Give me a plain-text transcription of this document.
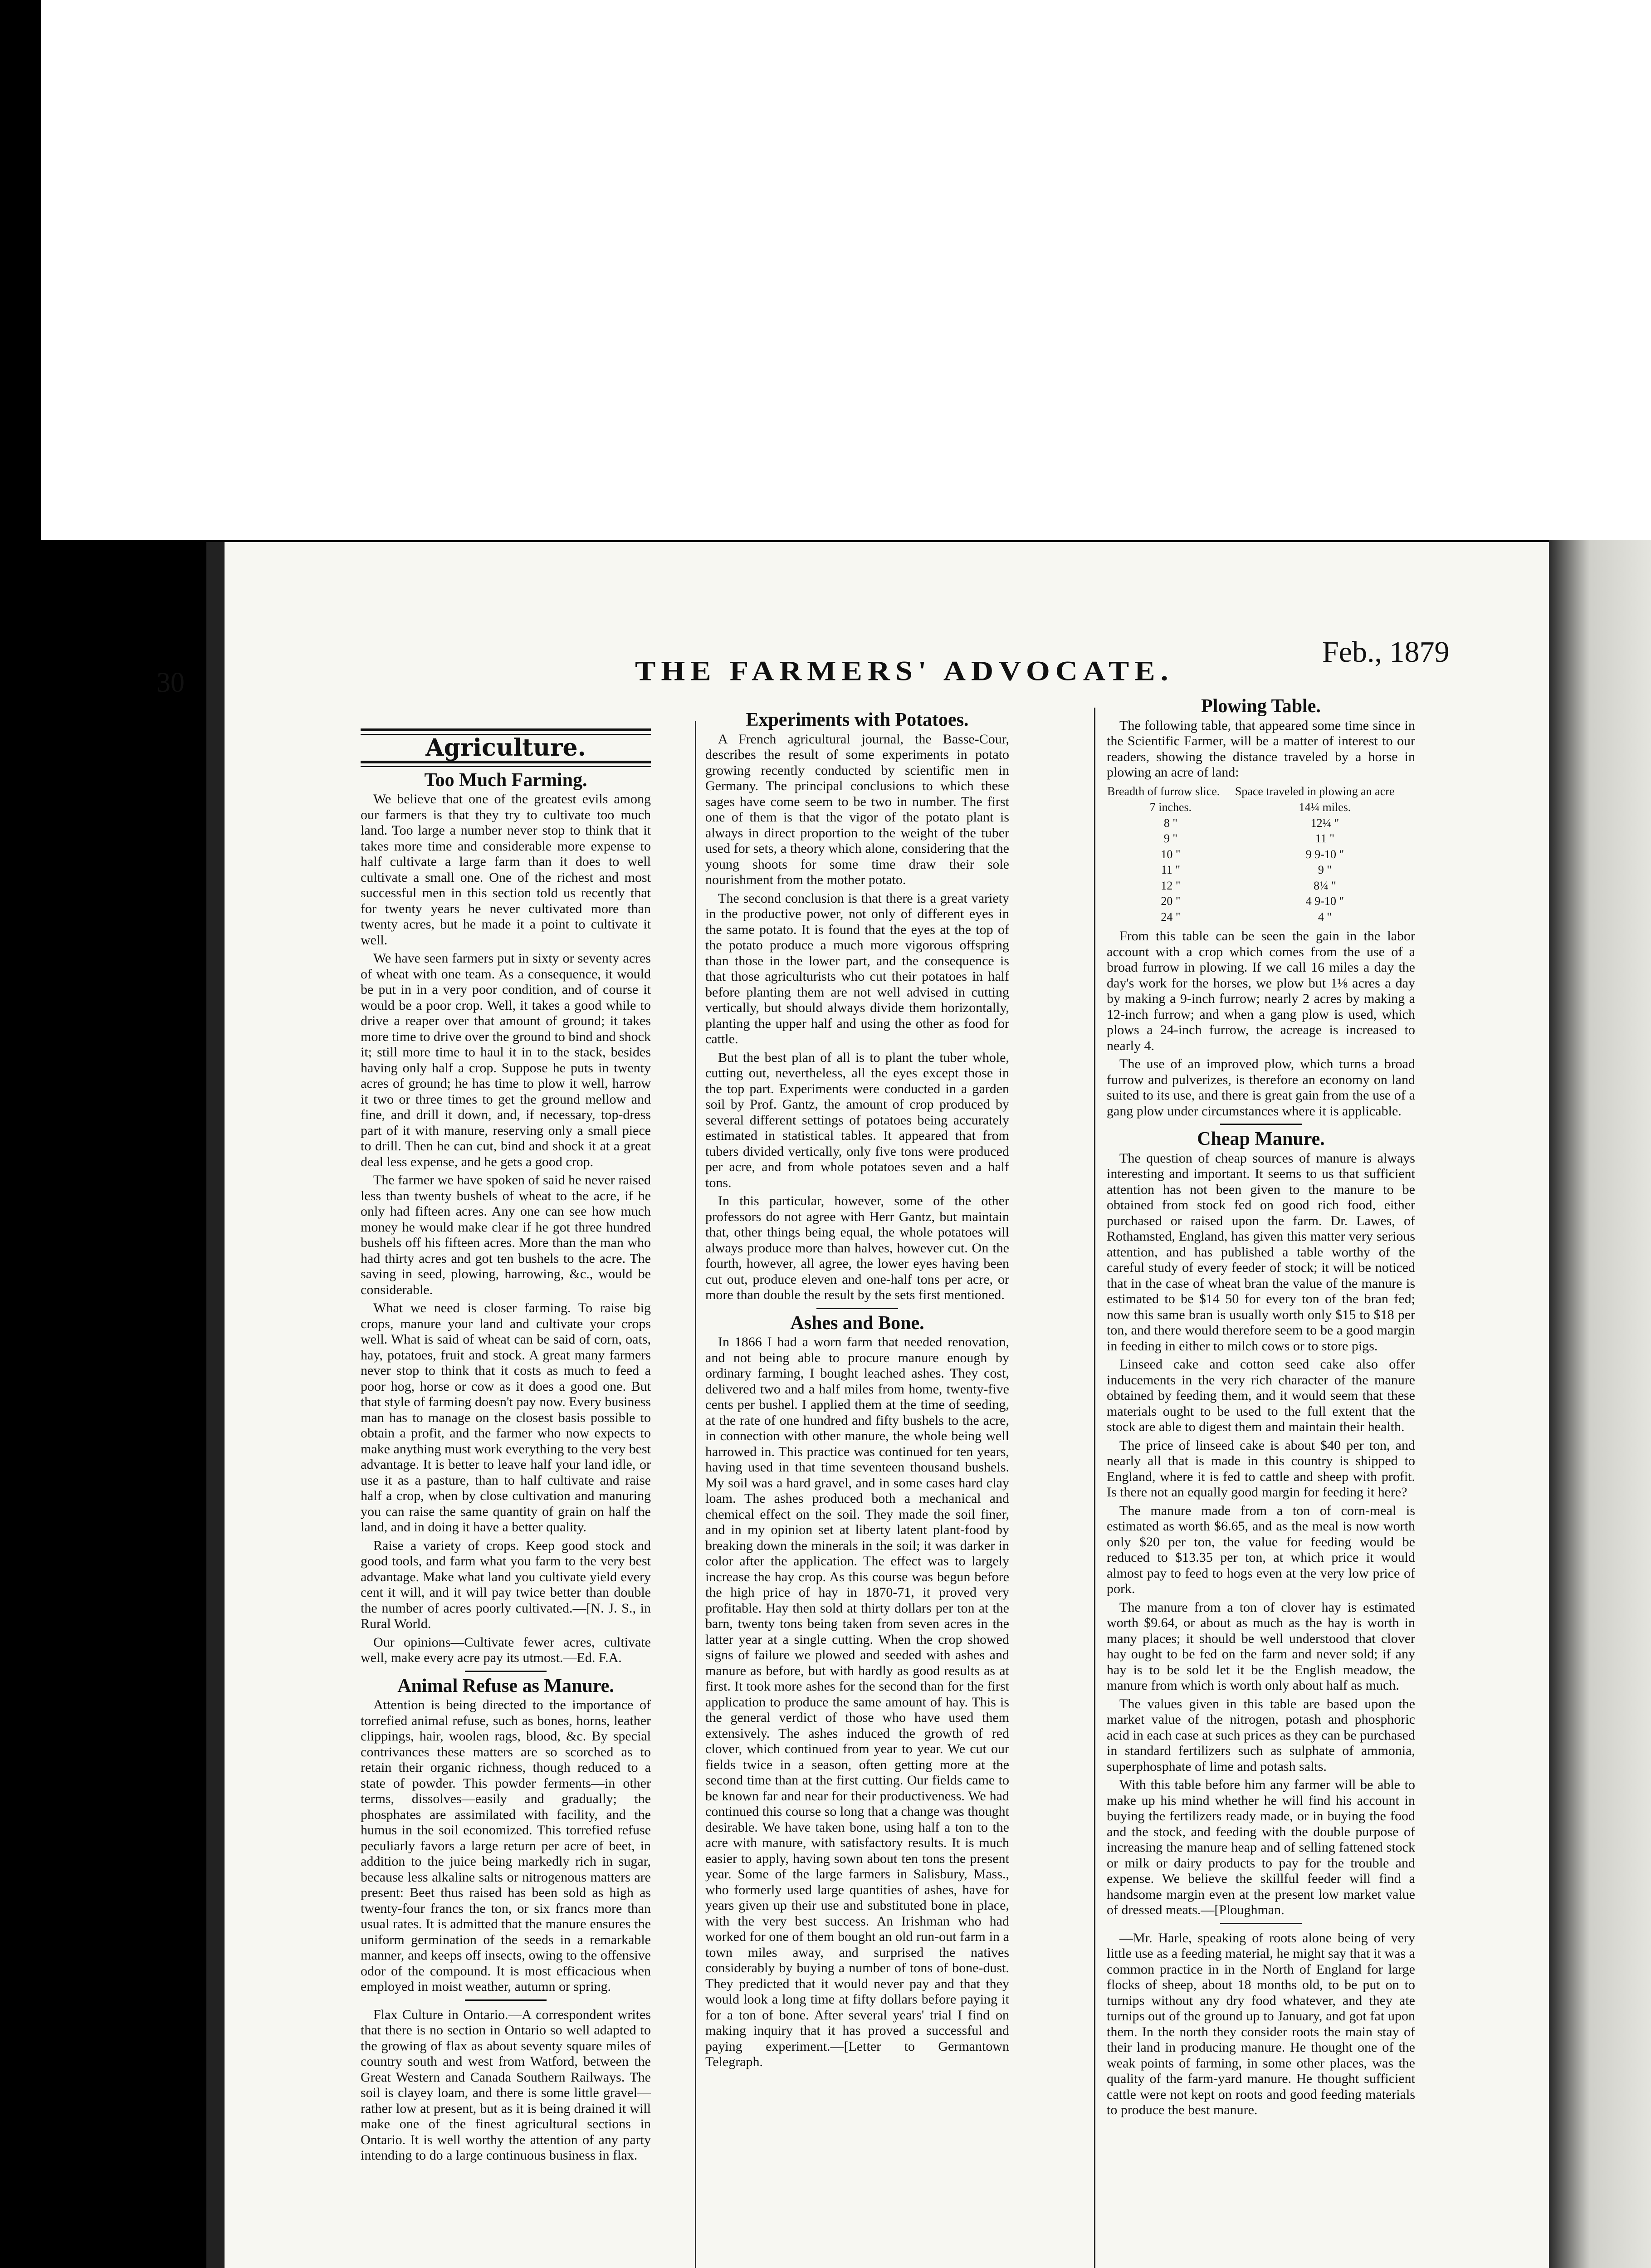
30	THE FARMERS' ADVOCATE.
Feb., 1879
Agriculture.
Too Much Farming.

We believe that one of the greatest evils among our farmers is that they try to cultivate too much land. Too large a number never stop to think that it takes more time and considerable more expense to half cultivate a large farm than it does to well cultivate a small one. One of the richest and most successful men in this section told us recently that for twenty years he never cultivated more than twenty acres, but he made it a point to cultivate it well.

We have seen farmers put in sixty or seventy acres of wheat with one team. As a consequence, it would be put in in a very poor condition, and of course it would be a poor crop. Well, it takes a good while to drive a reaper over that amount of ground; it takes more time to drive over the ground to bind and shock it; still more time to haul it in to the stack, besides having only half a crop. Suppose he puts in twenty acres of ground; he has time to plow it well, harrow it two or three times to get the ground mellow and fine, and drill it down, and, if necessary, top-dress part of it with manure, reserving only a small piece to drill. Then he can cut, bind and shock it at a great deal less expense, and he gets a good crop.

The farmer we have spoken of said he never raised less than twenty bushels of wheat to the acre, if he only had fifteen acres. Any one can see how much money he would make clear if he got three hundred bushels off his fifteen acres. More than the man who had thirty acres and got ten bushels to the acre. The saving in seed, plowing, harrowing, &c., would be considerable.

What we need is closer farming. To raise big crops, manure your land and cultivate your crops well. What is said of wheat can be said of corn, oats, hay, potatoes, fruit and stock. A great many farmers never stop to think that it costs as much to feed a poor hog, horse or cow as it does a good one. But that style of farming doesn't pay now. Every business man has to manage on the closest basis possible to obtain a profit, and the farmer who now expects to make anything must work everything to the very best advantage. It is better to leave half your land idle, or use it as a pasture, than to half cultivate and raise half a crop, when by close cultivation and manuring you can raise the same quantity of grain on half the land, and in doing it have a better quality.

Raise a variety of crops. Keep good stock and good tools, and farm what you farm to the very best advantage. Make what land you cultivate yield every cent it will, and it will pay twice better than double the number of acres poorly cultivated.—[N. J. S., in Rural World.

Our opinions—Cultivate fewer acres, cultivate well, make every acre pay its utmost.—Ed. F.A.

Animal Refuse as Manure.

Attention is being directed to the importance of torrefied animal refuse, such as bones, horns, leather clippings, hair, woolen rags, blood, &c. By special contrivances these matters are so scorched as to retain their organic richness, though reduced to a state of powder. This powder ferments—in other terms, dissolves—easily and gradually; the phosphates are assimilated with facility, and the humus in the soil economized. This torrefied refuse peculiarly favors a large return per acre of beet, in addition to the juice being markedly rich in sugar, because less alkaline salts or nitrogenous matters are present: Beet thus raised has been sold as high as twenty-four francs the ton, or six francs more than usual rates. It is admitted that the manure ensures the uniform germination of the seeds in a remarkable manner, and keeps off insects, owing to the offensive odor of the compound. It is most efficacious when employed in moist weather, autumn or spring.

Flax Culture in Ontario.—A correspondent writes that there is no section in Ontario so well adapted to the growing of flax as about seventy square miles of country south and west from Watford, between the Great Western and Canada Southern Railways. The soil is clayey loam, and there is some little gravel—rather low at present, but as it is being drained it will make one of the finest agricultural sections in Ontario. It is well worthy the attention of any party intending to do a large continuous business in flax.

Experiments with Potatoes.

A French agricultural journal, the Basse-Cour, describes the result of some experiments in potato growing recently conducted by scientific men in Germany. The principal conclusions to which these sages have come seem to be two in number. The first one of them is that the vigor of the potato plant is always in direct proportion to the weight of the tuber used for sets, a theory which alone, considering that the young shoots for some time draw their sole nourishment from the mother potato.

The second conclusion is that there is a great variety in the productive power, not only of different eyes in the same potato. It is found that the eyes at the top of the potato produce a much more vigorous offspring than those in the lower part, and the consequence is that those agriculturists who cut their potatoes in half before planting them are not well advised in cutting vertically, but should always divide them horizontally, planting the upper half and using the other as food for cattle.

But the best plan of all is to plant the tuber whole, cutting out, nevertheless, all the eyes except those in the top part. Experiments were conducted in a garden soil by Prof. Gantz, the amount of crop produced by several different settings of potatoes being accurately estimated in statistical tables. It appeared that from tubers divided vertically, only five tons were produced per acre, and from whole potatoes seven and a half tons.

In this particular, however, some of the other professors do not agree with Herr Gantz, but maintain that, other things being equal, the whole potatoes will always produce more than halves, however cut. On the fourth, however, all agree, the lower eyes having been cut out, produce eleven and one-half tons per acre, or more than double the result by the sets first mentioned.

Ashes and Bone.

In 1866 I had a worn farm that needed renovation, and not being able to procure manure enough by ordinary farming, I bought leached ashes. They cost, delivered two and a half miles from home, twenty-five cents per bushel. I applied them at the time of seeding, at the rate of one hundred and fifty bushels to the acre, in connection with other manure, the whole being well harrowed in. This practice was continued for ten years, having used in that time seventeen thousand bushels. My soil was a hard gravel, and in some cases hard clay loam. The ashes produced both a mechanical and chemical effect on the soil. They made the soil finer, and in my opinion set at liberty latent plant-food by breaking down the minerals in the soil; it was darker in color after the application. The effect was to largely increase the hay crop. As this course was begun before the high price of hay in 1870-71, it proved very profitable. Hay then sold at thirty dollars per ton at the barn, twenty tons being taken from seven acres in the latter year at a single cutting. When the crop showed signs of failure we plowed and seeded with ashes and manure as before, but with hardly as good results as at first. It took more ashes for the second than for the first application to produce the same amount of hay. This is the general verdict of those who have used them extensively. The ashes induced the growth of red clover, which continued from year to year. We cut our fields twice in a season, often getting more at the second time than at the first cutting. Our fields came to be known far and near for their productiveness. We had continued this course so long that a change was thought desirable. We have taken bone, using half a ton to the acre with manure, with satisfactory results. It is much easier to apply, having sown about ten tons the present year. Some of the large farmers in Salisbury, Mass., who formerly used large quantities of ashes, have for years given up their use and substituted bone in place, with the very best success. An Irishman who had worked for one of them bought an old run-out farm in a town miles away, and surprised the natives considerably by buying a number of tons of bone-dust. They predicted that it would never pay and that they would look a long time at fifty dollars before paying it for a ton of bone. After several years' trial I find on making inquiry that it has proved a successful and paying experiment.—[Letter to Germantown Telegraph.

Plowing Table.

The following table, that appeared some time since in the Scientific Farmer, will be a matter of interest to our readers, showing the distance traveled by a horse in plowing an acre of land:

Breadth of furrow slice.	Space traveled in plowing an acre
7 inches.	14¼ miles.
8 "	12¼ "
9 "	11 "
10 "	9 9-10 "
11 "	9 "
12 "	8¼ "
20 "	4 9-10 "
24 "	4 "

From this table can be seen the gain in the labor account with a crop which comes from the use of a broad furrow in plowing. If we call 16 miles a day the day's work for the horses, we plow but 1⅛ acres a day by making a 9-inch furrow; nearly 2 acres by making a 12-inch furrow; and when a gang plow is used, which plows a 24-inch furrow, the acreage is increased to nearly 4.

The use of an improved plow, which turns a broad furrow and pulverizes, is therefore an economy on land suited to its use, and there is great gain from the use of a gang plow under circumstances where it is applicable.

Cheap Manure.

The question of cheap sources of manure is always interesting and important. It seems to us that sufficient attention has not been given to the manure to be obtained from stock fed on good rich food, either purchased or raised upon the farm. Dr. Lawes, of Rothamsted, England, has given this matter very serious attention, and has published a table worthy of the careful study of every feeder of stock; it will be noticed that in the case of wheat bran the value of the manure is estimated to be $14 50 for every ton of the bran fed; now this same bran is usually worth only $15 to $18 per ton, and there would therefore seem to be a good margin in feeding in either to milch cows or to store pigs.

Linseed cake and cotton seed cake also offer inducements in the very rich character of the manure obtained by feeding them, and it would seem that these materials ought to be used to the full extent that the stock are able to digest them and maintain their health.

The price of linseed cake is about $40 per ton, and nearly all that is made in this country is shipped to England, where it is fed to cattle and sheep with profit. Is there not an equally good margin for feeding it here?

The manure made from a ton of corn-meal is estimated as worth $6.65, and as the meal is now worth only $20 per ton, the value for feeding would be reduced to $13.35 per ton, at which price it would almost pay to feed to hogs even at the very low price of pork.

The manure from a ton of clover hay is estimated worth $9.64, or about as much as the hay is worth in many places; it should be well understood that clover hay ought to be fed on the farm and never sold; if any hay is to be sold let it be the English meadow, the manure from which is worth only about half as much.

The values given in this table are based upon the market value of the nitrogen, potash and phosphoric acid in each case at such prices as they can be purchased in standard fertilizers such as sulphate of ammonia, superphosphate of lime and potash salts.

With this table before him any farmer will be able to make up his mind whether he will find his account in buying the fertilizers ready made, or in buying the food and the stock, and feeding with the double purpose of increasing the manure heap and of selling fattened stock or milk or dairy products to pay for the trouble and expense. We believe the skillful feeder will find a handsome margin even at the present low market value of dressed meats.—[Ploughman.

—Mr. Harle, speaking of roots alone being of very little use as a feeding material, he might say that it was a common practice in in the North of England for large flocks of sheep, about 18 months old, to be put on to turnips without any dry food whatever, and they ate turnips out of the ground up to January, and got fat upon them. In the north they consider roots the main stay of their land in producing manure. He thought one of the weak points of farming, in some other places, was the quality of the farm-yard manure. He thought sufficient cattle were not kept on roots and good feeding materials to produce the best manure.
